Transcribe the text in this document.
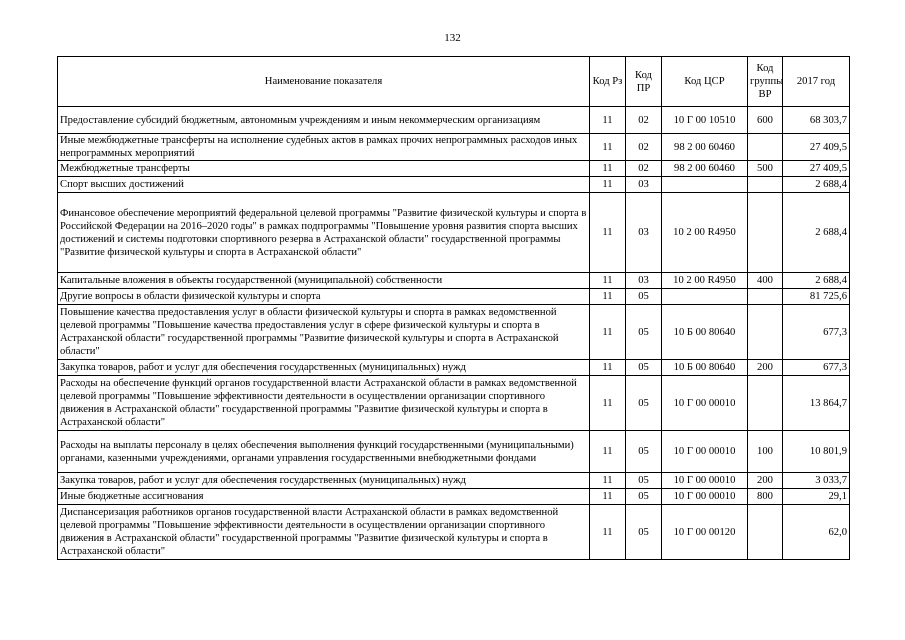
132
Наименование показателя	Код Рз	Код ПР	Код ЦСР	Код группы ВР	2017 год
Предоставление субсидий бюджетным, автономным учреждениям и иным некоммерческим организациям	11	02	10 Г 00 10510	600	68 303,7
Иные межбюджетные трансферты на исполнение судебных актов в рамках прочих непрограммных расходов иных непрограммных мероприятий	11	02	98 2 00 60460		27 409,5
Межбюджетные трансферты	11	02	98 2 00 60460	500	27 409,5
Спорт высших достижений	11	03			2 688,4
Финансовое обеспечение мероприятий федеральной целевой программы "Развитие физической культуры и спорта в Российской Федерации на 2016–2020 годы" в рамках подпрограммы "Повышение уровня развития спорта высших достижений и системы подготовки спортивного резерва в Астраханской области" государственной программы "Развитие физической культуры и спорта в Астраханской области"	11	03	10 2 00 R4950		2 688,4
Капитальные вложения в объекты государственной (муниципальной) собственности	11	03	10 2 00 R4950	400	2 688,4
Другие вопросы в области физической культуры и спорта	11	05			81 725,6
Повышение качества предоставления услуг в области физической культуры и спорта в рамках ведомственной целевой программы "Повышение качества предоставления услуг в сфере физической культуры и спорта в Астраханской области" государственной программы "Развитие физической культуры и спорта в Астраханской области"	11	05	10 Б 00 80640		677,3
Закупка товаров, работ и услуг для обеспечения государственных (муниципальных) нужд	11	05	10 Б 00 80640	200	677,3
Расходы на обеспечение функций органов государственной власти Астраханской области в рамках ведомственной целевой программы "Повышение эффективности деятельности в осуществлении организации спортивного движения в Астраханской области" государственной программы "Развитие физической культуры и спорта в Астраханской области"	11	05	10 Г 00 00010		13 864,7
Расходы на выплаты персоналу в целях обеспечения выполнения функций государственными (муниципальными) органами, казенными учреждениями, органами управления государственными внебюджетными фондами	11	05	10 Г 00 00010	100	10 801,9
Закупка товаров, работ и услуг для обеспечения государственных (муниципальных) нужд	11	05	10 Г 00 00010	200	3 033,7
Иные бюджетные ассигнования	11	05	10 Г 00 00010	800	29,1
Диспансеризация работников органов государственной власти Астраханской области в рамках ведомственной целевой программы "Повышение эффективности деятельности в осуществлении организации спортивного движения в Астраханской области" государственной программы "Развитие физической культуры и спорта в Астраханской области"	11	05	10 Г 00 00120		62,0
